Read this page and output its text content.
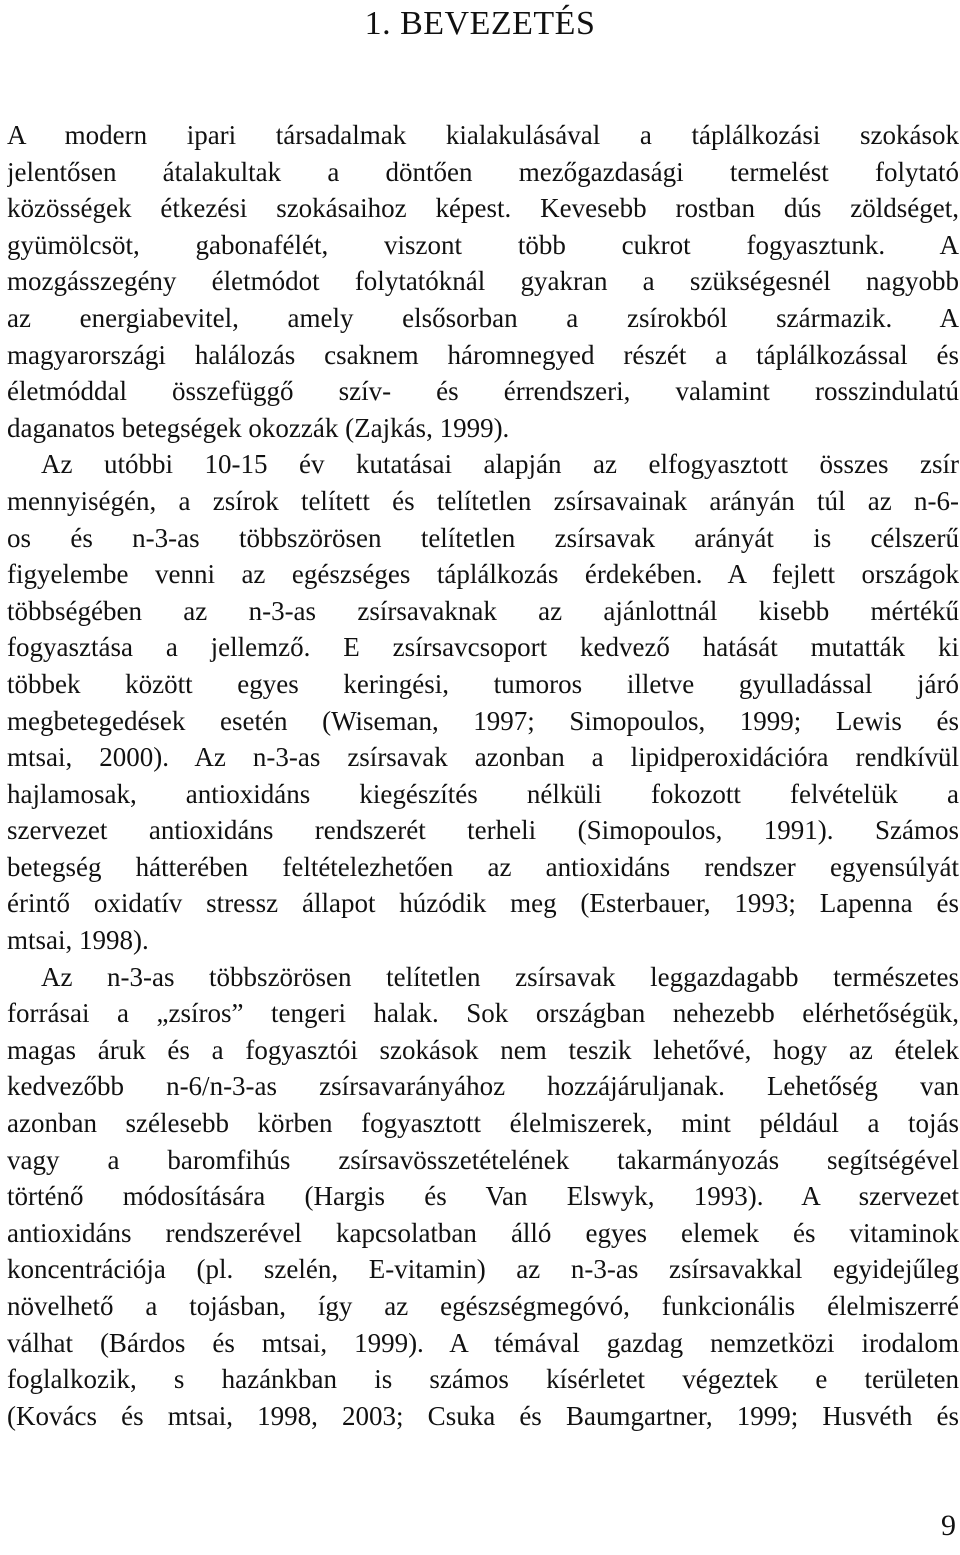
1. BEVEZETÉS
A modern ipari társadalmak kialakulásával a táplálkozási szokások
jelentősen átalakultak a döntően mezőgazdasági termelést folytató
közösségek étkezési szokásaihoz képest. Kevesebb rostban dús zöldséget,
gyümölcsöt, gabonafélét, viszont több cukrot fogyasztunk. A
mozgásszegény életmódot folytatóknál gyakran a szükségesnél nagyobb
az energiabevitel, amely elsősorban a zsírokból származik. A
magyarországi halálozás csaknem háromnegyed részét a táplálkozással és
életmóddal összefüggő szív- és érrendszeri, valamint rosszindulatú
daganatos betegségek okozzák (Zajkás, 1999).
Az utóbbi 10-15 év kutatásai alapján az elfogyasztott összes zsír
mennyiségén, a zsírok telített és telítetlen zsírsavainak arányán túl az n-6-
os és n-3-as többszörösen telítetlen zsírsavak arányát is célszerű
figyelembe venni az egészséges táplálkozás érdekében. A fejlett országok
többségében az n-3-as zsírsavaknak az ajánlottnál kisebb mértékű
fogyasztása a jellemző. E zsírsavcsoport kedvező hatását mutatták ki
többek között egyes keringési, tumoros illetve gyulladással járó
megbetegedések esetén (Wiseman, 1997; Simopoulos, 1999; Lewis és
mtsai, 2000). Az n-3-as zsírsavak azonban a lipidperoxidációra rendkívül
hajlamosak, antioxidáns kiegészítés nélküli fokozott felvételük a
szervezet antioxidáns rendszerét terheli (Simopoulos, 1991). Számos
betegség hátterében feltételezhetően az antioxidáns rendszer egyensúlyát
érintő oxidatív stressz állapot húzódik meg (Esterbauer, 1993; Lapenna és
mtsai, 1998).
Az n-3-as többszörösen telítetlen zsírsavak leggazdagabb természetes
forrásai a „zsíros” tengeri halak. Sok országban nehezebb elérhetőségük,
magas áruk és a fogyasztói szokások nem teszik lehetővé, hogy az ételek
kedvezőbb n-6/n-3-as zsírsavarányához hozzájáruljanak. Lehetőség van
azonban szélesebb körben fogyasztott élelmiszerek, mint például a tojás
vagy a baromfihús zsírsavösszetételének takarmányozás segítségével
történő módosítására (Hargis és Van Elswyk, 1993). A szervezet
antioxidáns rendszerével kapcsolatban álló egyes elemek és vitaminok
koncentrációja (pl. szelén, E-vitamin) az n-3-as zsírsavakkal egyidejűleg
növelhető a tojásban, így az egészségmegóvó, funkcionális élelmiszerré
válhat (Bárdos és mtsai, 1999). A témával gazdag nemzetközi irodalom
foglalkozik, s hazánkban is számos kísérletet végeztek e területen
(Kovács és mtsai, 1998, 2003; Csuka és Baumgartner, 1999; Husvéth és
9
